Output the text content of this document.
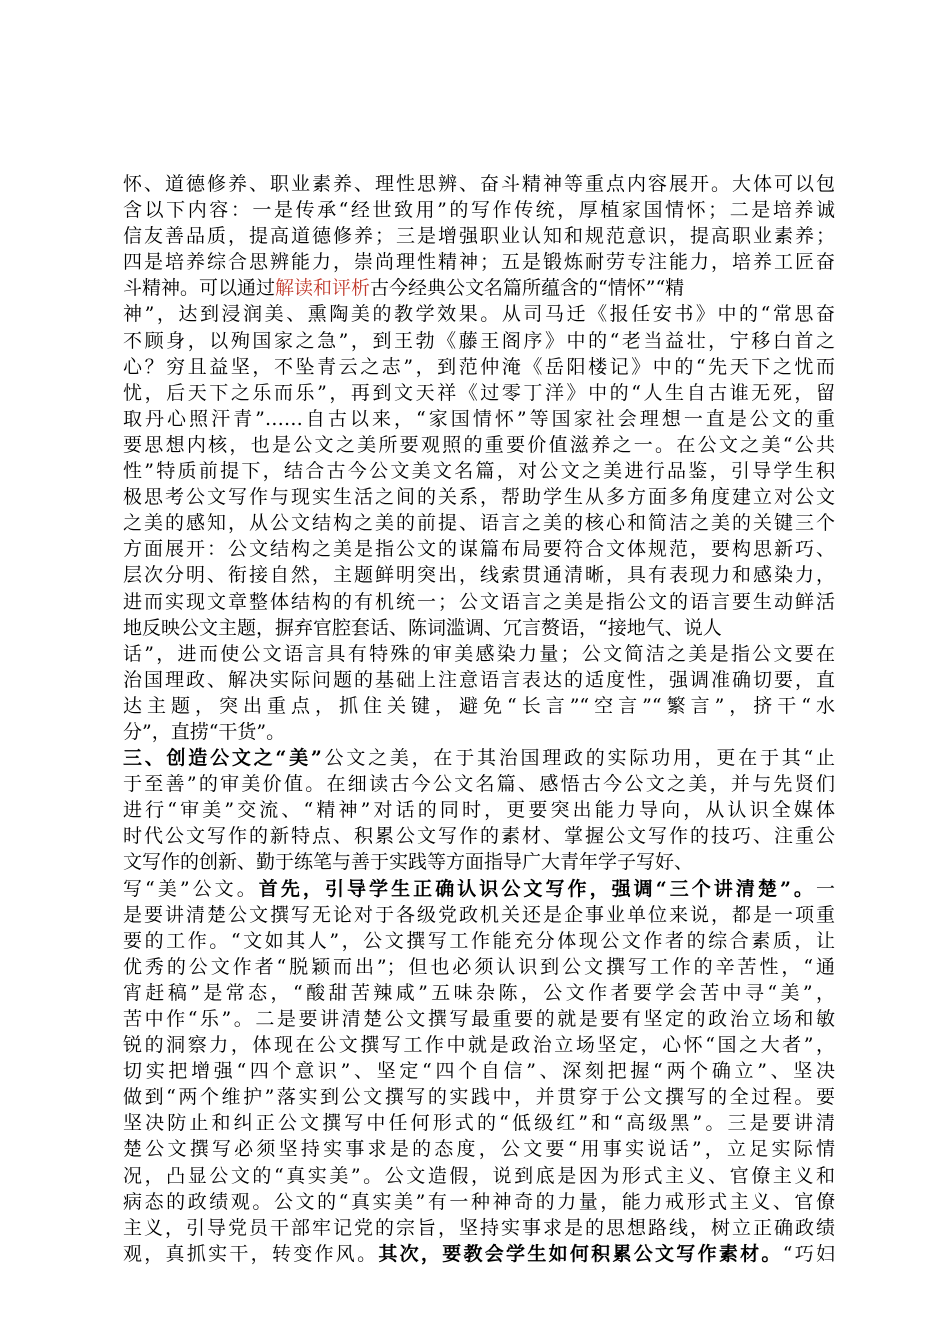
怀、道德修养、职业素养、理性思辨、奋斗精神等重点内容展开。大体可以包
含以下内容：一是传承“经世致用”的写作传统，厚植家国情怀；二是培养诚
信友善品质，提高道德修养；三是增强职业认知和规范意识，提高职业素养；
四是培养综合思辨能力，崇尚理性精神；五是锻炼耐劳专注能力，培养工匠奋
斗精神。可以通过解读和评析古今经典公文名篇所蕴含的“情怀”“精
神”，达到浸润美、熏陶美的教学效果。从司马迁《报任安书》中的“常思奋
不顾身，以殉国家之急”，到王勃《藤王阁序》中的“老当益壮，宁移白首之
心？穷且益坚，不坠青云之志”，到范仲淹《岳阳楼记》中的“先天下之忧而
忧，后天下之乐而乐”，再到文天祥《过零丁洋》中的“人生自古谁无死，留
取丹心照汗青”……自古以来，“家国情怀”等国家社会理想一直是公文的重
要思想内核，也是公文之美所要观照的重要价值滋养之一。在公文之美“公共
性”特质前提下，结合古今公文美文名篇，对公文之美进行品鉴，引导学生积
极思考公文写作与现实生活之间的关系，帮助学生从多方面多角度建立对公文
之美的感知，从公文结构之美的前提、语言之美的核心和简洁之美的关键三个
方面展开：公文结构之美是指公文的谋篇布局要符合文体规范，要构思新巧、
层次分明、衔接自然，主题鲜明突出，线索贯通清晰，具有表现力和感染力，
进而实现文章整体结构的有机统一；公文语言之美是指公文的语言要生动鲜活
地反映公文主题，摒弃官腔套话、陈词滥调、冗言赘语，“接地气、说人
话”，进而使公文语言具有特殊的审美感染力量；公文简洁之美是指公文要在
治国理政、解决实际问题的基础上注意语言表达的适度性，强调准确切要，直
达主题，突出重点，抓住关键，避免“长言”“空言”“繁言”，挤干“水
分”，直捞“干货”。
三、创造公文之“美”公文之美，在于其治国理政的实际功用，更在于其“止
于至善”的审美价值。在细读古今公文名篇、感悟古今公文之美，并与先贤们
进行“审美”交流、“精神”对话的同时，更要突出能力导向，从认识全媒体
时代公文写作的新特点、积累公文写作的素材、掌握公文写作的技巧、注重公
文写作的创新、勤于练笔与善于实践等方面指导广大青年学子写好、
写“美”公文。首先，引导学生正确认识公文写作，强调“三个讲清楚”。一
是要讲清楚公文撰写无论对于各级党政机关还是企事业单位来说，都是一项重
要的工作。“文如其人”，公文撰写工作能充分体现公文作者的综合素质，让
优秀的公文作者“脱颖而出”；但也必须认识到公文撰写工作的辛苦性，“通
宵赶稿”是常态，“酸甜苦辣咸”五味杂陈，公文作者要学会苦中寻“美”，
苦中作“乐”。二是要讲清楚公文撰写最重要的就是要有坚定的政治立场和敏
锐的洞察力，体现在公文撰写工作中就是政治立场坚定，心怀“国之大者”，
切实把增强“四个意识”、坚定“四个自信”、深刻把握“两个确立”、坚决
做到“两个维护”落实到公文撰写的实践中，并贯穿于公文撰写的全过程。要
坚决防止和纠正公文撰写中任何形式的“低级红”和“高级黑”。三是要讲清
楚公文撰写必须坚持实事求是的态度，公文要“用事实说话”，立足实际情
况，凸显公文的“真实美”。公文造假，说到底是因为形式主义、官僚主义和
病态的政绩观。公文的“真实美”有一种神奇的力量，能力戒形式主义、官僚
主义，引导党员干部牢记党的宗旨，坚持实事求是的思想路线，树立正确政绩
观，真抓实干，转变作风。其次，要教会学生如何积累公文写作素材。“巧妇
